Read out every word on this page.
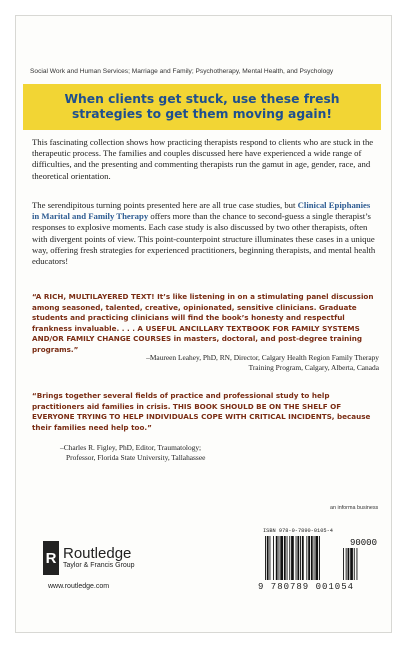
Social Work and Human Services; Marriage and Family; Psychotherapy, Mental Health, and Psychology
When clients get stuck, use these fresh strategies to get them moving again!
This fascinating collection shows how practicing therapists respond to clients who are stuck in the therapeutic process. The families and couples discussed here have experienced a wide range of difficulties, and the presenting and commenting therapists run the gamut in age, gender, race, and theoretical orientation.
The serendipitous turning points presented here are all true case studies, but Clinical Epiphanies in Marital and Family Therapy offers more than the chance to second-guess a single therapist’s responses to explosive moments. Each case study is also discussed by two other therapists, often with divergent points of view. This point-counterpoint structure illuminates these cases in a unique way, offering fresh strategies for experienced practitioners, beginning therapists, and mental health educators!
“A RICH, MULTILAYERED TEXT! It’s like listening in on a stimulating panel discussion among seasoned, talented, creative, opinionated, sensitive clinicians. Graduate students and practicing clinicians will find the book’s honesty and respectful frankness invaluable. . . . A USEFUL ANCILLARY TEXTBOOK FOR FAMILY SYSTEMS AND/OR FAMILY CHANGE COURSES in masters, doctoral, and post-degree training programs.”
–Maureen Leahey, PhD, RN, Director, Calgary Health Region Family Therapy
Training Program, Calgary, Alberta, Canada
“Brings together several fields of practice and professional study to help practitioners aid families in crisis. THIS BOOK SHOULD BE ON THE SHELF OF EVERYONE TRYING TO HELP INDIVIDUALS COPE WITH CRITICAL INCIDENTS, because their families need help too.”
–Charles R. Figley, PhD, Editor, Traumatology;
Professor, Florida State University, Tallahassee
an informa business
R Routledge
Taylor & Francis Group
www.routledge.com
ISBN 978-0-7890-0105-4
90000
9 780789 001054
